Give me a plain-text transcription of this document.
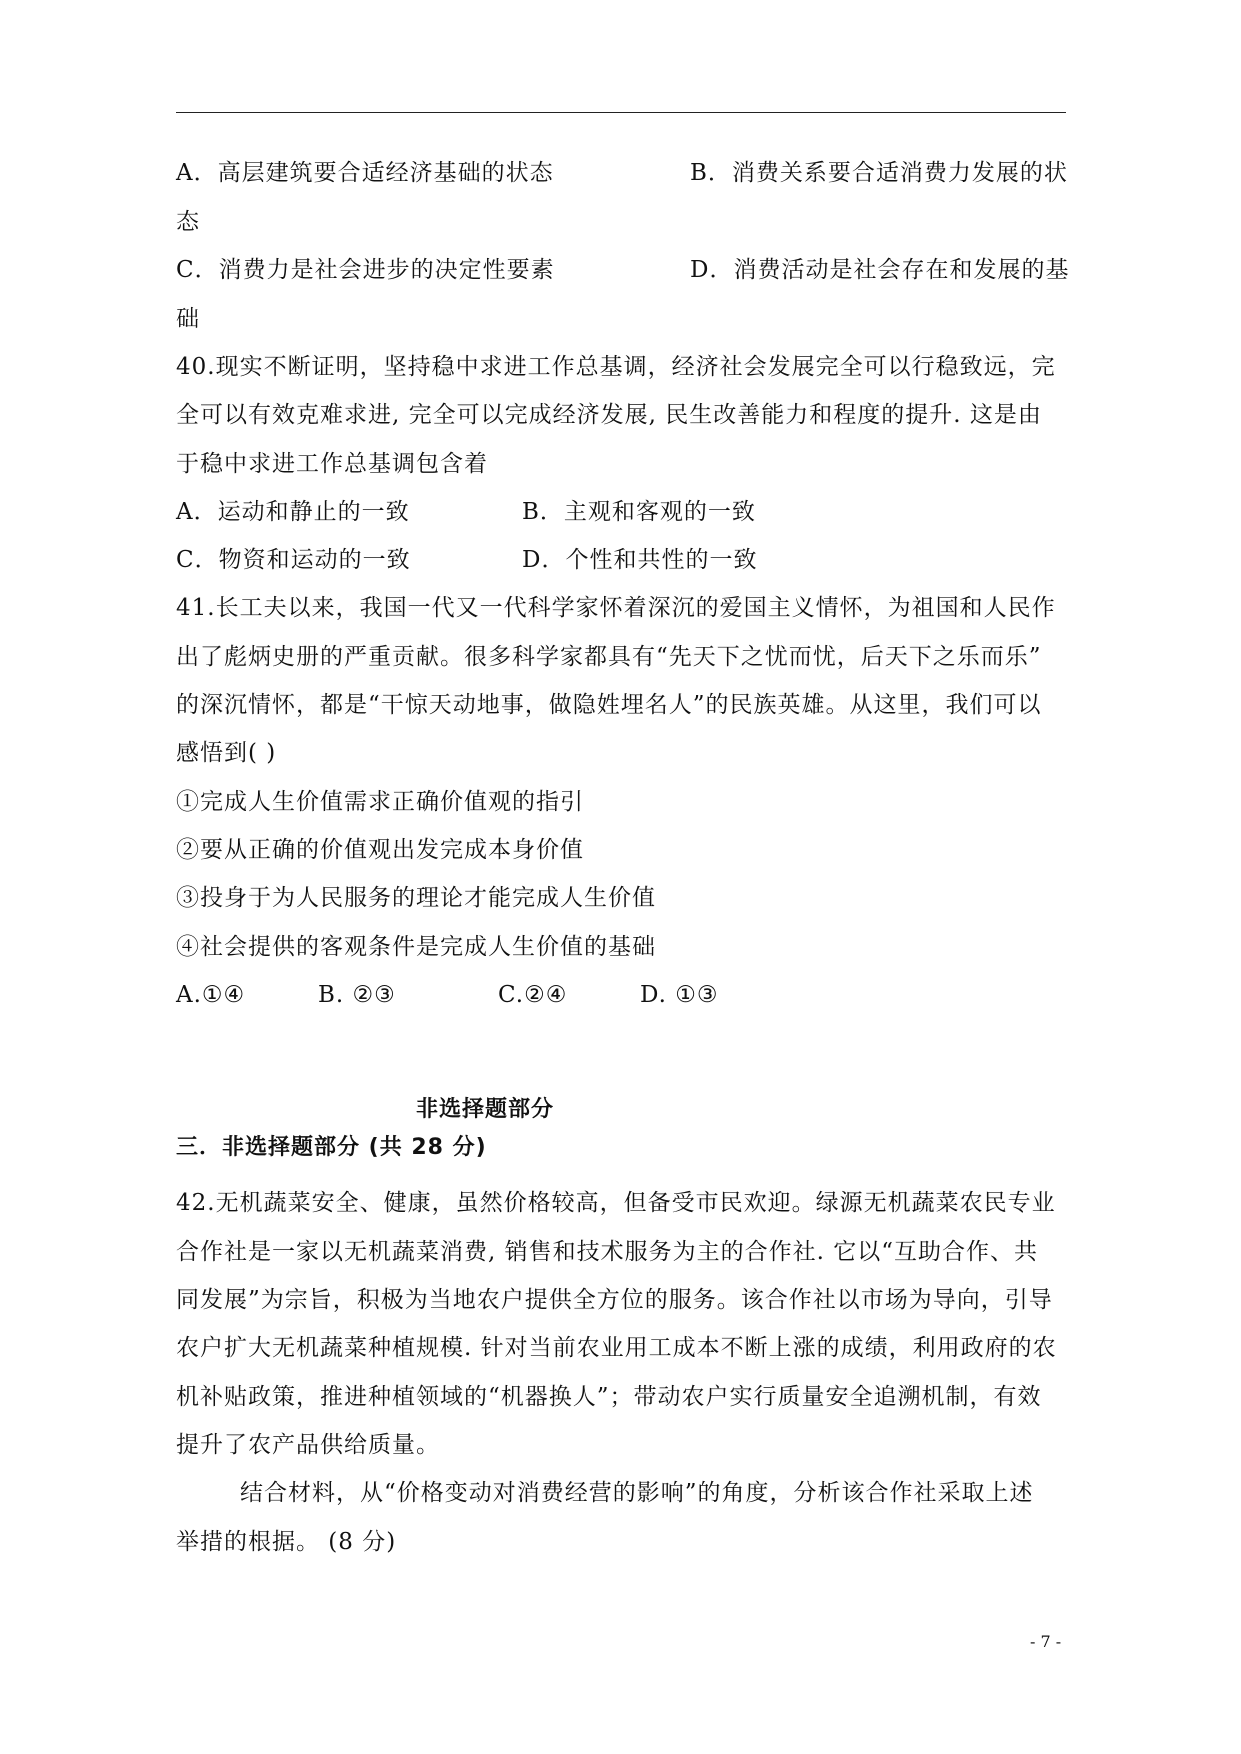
A．高层建筑要合适经济基础的状态	B．消费关系要合适消费力发展的状
态
C．消费力是社会进步的决定性要素	D．消费活动是社会存在和发展的基
础
40.现实不断证明，坚持稳中求进工作总基调，经济社会发展完全可以行稳致远，完
全可以有效克难求进, 完全可以完成经济发展, 民生改善能力和程度的提升. 这是由
于稳中求进工作总基调包含着
A．运动和静止的一致	B．主观和客观的一致
C．物资和运动的一致	D．个性和共性的一致
41.长工夫以来，我国一代又一代科学家怀着深沉的爱国主义情怀，为祖国和人民作
出了彪炳史册的严重贡献。很多科学家都具有“先天下之忧而忧，后天下之乐而乐”
的深沉情怀，都是“干惊天动地事，做隐姓埋名人”的民族英雄。从这里，我们可以
感悟到( )
①完成人生价值需求正确价值观的指引
②要从正确的价值观出发完成本身价值
③投身于为人民服务的理论才能完成人生价值
④社会提供的客观条件是完成人生价值的基础
A.①④	B. ②③	C.②④	D. ①③
非选择题部分
三．非选择题部分 (共 28 分)
42.无机蔬菜安全、健康，虽然价格较高，但备受市民欢迎。绿源无机蔬菜农民专业
合作社是一家以无机蔬菜消费, 销售和技术服务为主的合作社. 它以“互助合作、共
同发展”为宗旨，积极为当地农户提供全方位的服务。该合作社以市场为导向，引导
农户扩大无机蔬菜种植规模. 针对当前农业用工成本不断上涨的成绩，利用政府的农
机补贴政策，推进种植领域的“机器换人”；带动农户实行质量安全追溯机制，有效
提升了农产品供给质量。
结合材料，从“价格变动对消费经营的影响”的角度，分析该合作社采取上述
举措的根据。 (8 分)
- 7 -
